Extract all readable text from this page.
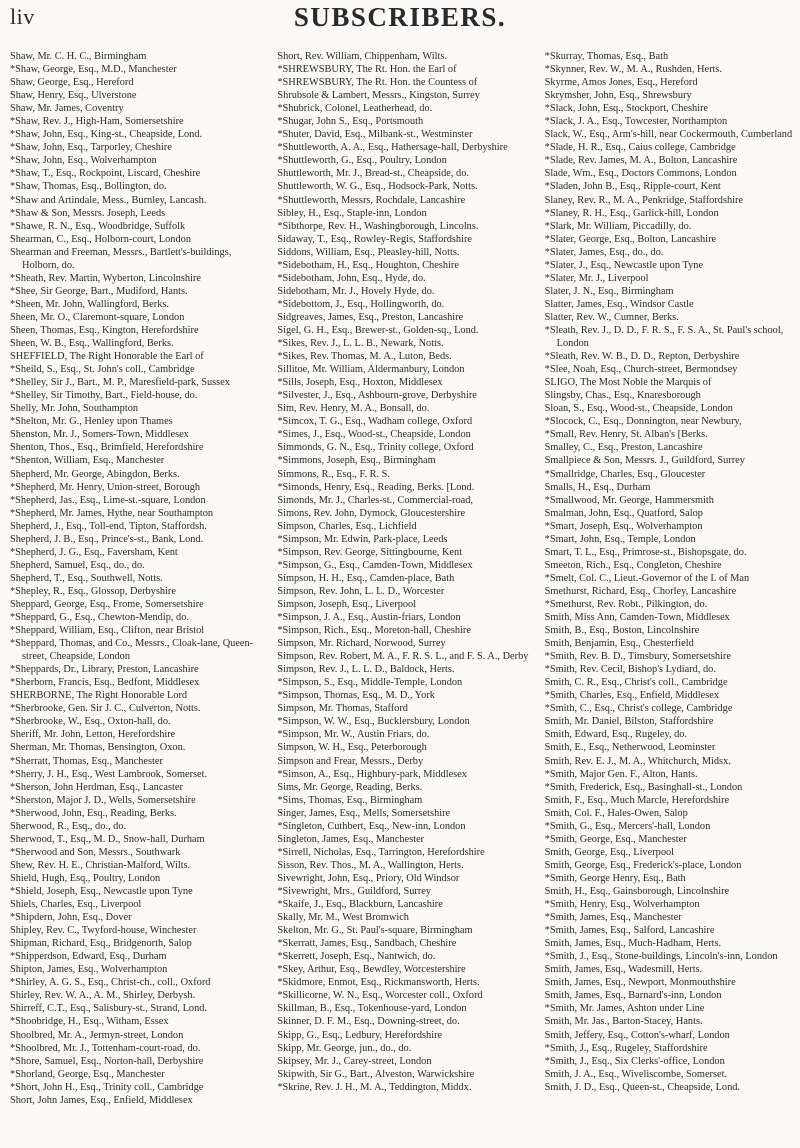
liv	SUBSCRIBERS.
Shaw, Mr. C. H. C., Birmingham
*Shaw, George, Esq., M.D., Manchester
Shaw, George, Esq., Hereford
Shaw, Henry, Esq., Ulverstone
Shaw, Mr. James, Coventry
*Shaw, Rev. J., High-Ham, Somersetshire
*Shaw, John, Esq., King-st., Cheapside, Lond.
*Shaw, John, Esq., Tarporley, Cheshire
*Shaw, John, Esq., Wolverhampton
*Shaw, T., Esq., Rockpoint, Liscard, Cheshire
*Shaw, Thomas, Esq., Bollington, do.
*Shaw and Artindale, Mess., Burnley, Lancash.
*Shaw & Son, Messrs. Joseph, Leeds
*Shawe, R. N., Esq., Woodbridge, Suffolk
Shearman, C., Esq., Holborn-court, London
Shearman and Freeman, Messrs., Bartlett's-buildings, Holborn, do.
*Sheath, Rev. Martin, Wyberton, Lincolnshire
*Shee, Sir George, Bart., Mudiford, Hants.
*Sheen, Mr. John, Wallingford, Berks.
Sheen, Mr. O., Claremont-square, London
Sheen, Thomas, Esq., Kington, Herefordshire
Sheen, W. B., Esq., Wallingford, Berks.
SHEFFIELD, The Right Honorable the Earl of
*Sheild, S., Esq., St. John's coll., Cambridge
*Shelley, Sir J., Bart., M. P., Maresfield-park, Sussex
*Shelley, Sir Timothy, Bart., Field-house, do.
Shelly, Mr. John, Southampton
*Shelton, Mr. G., Henley upon Thames
Shenston, Mr. J., Somers-Town, Middlesex
Shenton, Thos., Esq., Brimfield, Herefordshire
*Shenton, William, Esq., Manchester
Shepherd, Mr. George, Abingdon, Berks.
*Shepherd, Mr. Henry, Union-street, Borough
*Shepherd, Jas., Esq., Lime-st.-square, London
*Shepherd, Mr. James, Hythe, near Southampton
Shepherd, J., Esq., Toll-end, Tipton, Staffordsh.
Shepherd, J. B., Esq., Prince's-st., Bank, Lond.
*Shepherd, J. G., Esq., Faversham, Kent
Shepherd, Samuel, Esq., do., do.
Shepherd, T., Esq., Southwell, Notts.
*Shepley, R., Esq., Glossop, Derbyshire
Sheppard, George, Esq., Frome, Somersetshire
*Sheppard, G., Esq., Chewton-Mendip, do.
*Sheppard, William, Esq., Clifton, near Bristol
*Sheppard, Thomas, and Co., Messrs., Cloak-lane, Queen-street, Cheapside, London
*Sheppards, Dr., Library, Preston, Lancashire
*Sherborn, Francis, Esq., Bedfont, Middlesex
SHERBORNE, The Right Honorable Lord
*Sherbrooke, Gen. Sir J. C., Culverton, Notts.
*Sherbrooke, W., Esq., Oxton-hall, do.
Sheriff, Mr. John, Letton, Herefordshire
Sherman, Mr. Thomas, Bensington, Oxon.
*Sherratt, Thomas, Esq., Manchester
*Sherry, J. H., Esq., West Lambrook, Somerset.
*Sherson, John Herdman, Esq., Lancaster
*Sherston, Major J. D., Wells, Somersetshire
*Sherwood, John, Esq., Reading, Berks.
Sherwood, R., Esq., do., do.
Sherwood, T., Esq., M. D., Snow-hall, Durham
*Sherwood and Son, Messrs., Southwark
Shew, Rev. H. E., Christian-Malford, Wilts.
Shield, Hugh, Esq., Poultry, London
*Shield, Joseph, Esq., Newcastle upon Tyne
Shiels, Charles, Esq., Liverpool
*Shipdern, John, Esq., Dover
Shipley, Rev. C., Twyford-house, Winchester
Shipman, Richard, Esq., Bridgenorth, Salop
*Shipperdson, Edward, Esq., Durham
Shipton, James, Esq., Wolverhampton
*Shirley, A. G. S., Esq., Christ-ch., coll., Oxford
Shirley, Rev. W. A., A. M., Shirley, Derbysh.
Shirreff, C.T., Esq., Salisbury-st., Strand, Lond.
*Shoobridge, H., Esq., Witham, Essex
Shoolbred, Mr. A., Jermyn-street, London
*Shoolbred, Mr. J., Tottenham-court-road, do.
*Shore, Samuel, Esq., Norton-hall, Derbyshire
*Shorland, George, Esq., Manchester
*Short, John H., Esq., Trinity coll., Cambridge
Short, John James, Esq., Enfield, Middlesex
Short, Rev. William, Chippenham, Wilts.
*SHREWSBURY, The Rt. Hon. the Earl of
*SHREWSBURY, The Rt. Hon. the Countess of
Shrubsole & Lambert, Messrs., Kingston, Surrey
*Shubrick, Colonel, Leatherhead, do.
*Shugar, John S., Esq., Portsmouth
*Shuter, David, Esq., Milbank-st., Westminster
*Shuttleworth, A. A., Esq., Hathersage-hall, Derbyshire
*Shuttleworth, G., Esq., Poultry, London
Shuttleworth, Mr. J., Bread-st., Cheapside, do.
Shuttleworth, W. G., Esq., Hodsock-Park, Notts.
*Shuttleworth, Messrs, Rochdale, Lancashire
Sibley, H., Esq., Staple-inn, London
*Sibthorpe, Rev. H., Washingborough, Lincolns.
Sidaway, T., Esq., Rowley-Regis, Staffordshire
Siddons, William, Esq., Pleasley-hill, Notts.
*Sidebotham, H., Esq., Houghton, Cheshire
*Sidebotham, John, Esq., Hyde, do.
Sidebotham, Mr. J., Hovely Hyde, do.
*Sidebottom, J., Esq., Hollingworth, do.
Sidgreaves, James, Esq., Preston, Lancashire
Sigel, G. H., Esq., Brewer-st., Golden-sq., Lond.
*Sikes, Rev. J., L. L. B., Newark, Notts.
*Sikes, Rev. Thomas, M. A., Luton, Beds.
Sillitoe, Mr. William, Aldermanbury, London
*Sills, Joseph, Esq., Hoxton, Middlesex
*Silvester, J., Esq., Ashbourn-grove, Derbyshire
Sim, Rev. Henry, M. A., Bonsall, do.
*Simcox, T. G., Esq., Wadham college, Oxford
*Simes, J., Esq., Wood-st., Cheapside, London
Simmonds, G. N., Esq., Trinity college, Oxford
*Simmons, Joseph, Esq., Birmingham
Simmons, R., Esq., F. R. S.
*Simonds, Henry, Esq., Reading, Berks. [Lond.
Simonds, Mr. J., Charles-st., Commercial-road,
Simons, Rev. John, Dymock, Gloucestershire
Simpson, Charles, Esq., Lichfield
*Simpson, Mr. Edwin, Park-place, Leeds
*Simpson, Rev. George, Sittingbourne, Kent
*Simpson, G., Esq., Camden-Town, Middlesex
Simpson, H. H., Esq., Camden-place, Bath
Simpson, Rev. John, L. L. D., Worcester
Simpson, Joseph, Esq., Liverpool
*Simpson, J. A., Esq., Austin-friars, London
*Simpson, Rich., Esq., Moreton-hall, Cheshire
Simpson, Mr. Richard, Norwood, Surrey
Simpson, Rev. Robert, M. A., F. R. S. L., and F. S. A., Derby
Simpson, Rev. J., L. L. D., Baldock, Herts.
*Simpson, S., Esq., Middle-Temple, London
*Simpson, Thomas, Esq., M. D., York
Simpson, Mr. Thomas, Stafford
*Simpson, W. W., Esq., Bucklersbury, London
*Simpson, Mr. W., Austin Friars, do.
Simpson, W. H., Esq., Peterborough
Simpson and Frear, Messrs., Derby
*Simson, A., Esq., Highbury-park, Middlesex
Sims, Mr. George, Reading, Berks.
*Sims, Thomas, Esq., Birmingham
Singer, James, Esq., Mells, Somersetshire
*Singleton, Cuthbert, Esq., New-inn, London
Singleton, James, Esq., Manchester
*Sirrell, Nicholas, Esq., Tarrington, Herefordshire
Sisson, Rev. Thos., M. A., Wallington, Herts.
Sivewright, John, Esq., Priory, Old Windsor
*Sivewright, Mrs., Guildford, Surrey
*Skaife, J., Esq., Blackburn, Lancashire
Skally, Mr. M., West Bromwich
Skelton, Mr. G., St. Paul's-square, Birmingham
*Skerratt, James, Esq., Sandbach, Cheshire
*Skerrett, Joseph, Esq., Nantwich, do.
*Skey, Arthur, Esq., Bewdley, Worcestershire
*Skidmore, Enmot, Esq., Rickmansworth, Herts.
*Skillicorne, W. N., Esq., Worcester coll., Oxford
Skillman, B., Esq., Tokenhouse-yard, London
Skinner, D. F. M., Esq., Downing-street, do.
Skipp, G., Esq., Ledbury, Herefordshire
Skipp, Mr. George, jun., do., do.
Skipsey, Mr. J., Carey-street, London
Skipwith, Sir G., Bart., Alveston, Warwickshire
*Skrine, Rev. J. H., M. A., Teddington, Middx.
*Skurray, Thomas, Esq., Bath
*Skynner, Rev. W., M. A., Rushden, Herts.
Skyrme, Amos Jones, Esq., Hereford
Skrymsher, John, Esq., Shrewsbury
*Slack, John, Esq., Stockport, Cheshire
*Slack, J. A., Esq., Towcester, Northampton
Slack, W., Esq., Arm's-hill, near Cockermouth, Cumberland
*Slade, H. R., Esq., Caius college, Cambridge
*Slade, Rev. James, M. A., Bolton, Lancashire
Slade, Wm., Esq., Doctors Commons, London
*Sladen, John B., Esq., Ripple-court, Kent
Slaney, Rev. R., M. A., Penkridge, Staffordshire
*Slaney, R. H., Esq., Garlick-hill, London
*Slark, Mr. William, Piccadilly, do.
*Slater, George, Esq., Bolton, Lancashire
*Slater, James, Esq., do., do.
*Slater, J., Esq., Newcastle upon Tyne
*Slater, Mr. J., Liverpool
Slater, J. N., Esq., Birmingham
Slatter, James, Esq., Windsor Castle
Slatter, Rev. W., Cumner, Berks.
*Sleath, Rev. J., D. D., F. R. S., F. S. A., St. Paul's school, London
*Sleath, Rev. W. B., D. D., Repton, Derbyshire
*Slee, Noah, Esq., Church-street, Bermondsey
SLIGO, The Most Noble the Marquis of
Slingsby, Chas., Esq., Knaresborough
Sloan, S., Esq., Wood-st., Cheapside, London
*Slocock, C., Esq., Donnington, near Newbury,
*Small, Rev. Henry, St. Alban's [Berks.
Smalley, C., Esq., Preston, Lancashire
Smallpiece & Son, Messrs. J., Guildford, Surrey
*Smallridge, Charles, Esq., Gloucester
Smalls, H., Esq., Durham
*Smallwood, Mr. George, Hammersmith
Smalman, John, Esq., Quatford, Salop
*Smart, Joseph, Esq., Wolverhampton
*Smart, John, Esq., Temple, London
Smart, T. L., Esq., Primrose-st., Bishopsgate, do.
Smeeton, Rich., Esq., Congleton, Cheshire
*Smelt, Col. C., Lieut.-Governor of the I. of Man
Smethurst, Richard, Esq., Chorley, Lancashire
*Smethurst, Rev. Robt., Pilkington, do.
Smith, Miss Ann, Camden-Town, Middlesex
Smith, B., Esq., Boston, Lincolnshire
Smith, Benjamin, Esq., Chesterfield
*Smith, Rev. B. D., Timsbury, Somersetshire
*Smith, Rev. Cecil, Bishop's Lydiard, do.
Smith, C. R., Esq., Christ's coll., Cambridge
*Smith, Charles, Esq., Enfield, Middlesex
*Smith, C., Esq., Christ's college, Cambridge
Smith, Mr. Daniel, Bilston, Staffordshire
Smith, Edward, Esq., Rugeley, do.
Smith, E., Esq., Netherwood, Leominster
Smith, Rev. E. J., M. A., Whitchurch, Midsx.
*Smith, Major Gen. F., Alton, Hants.
*Smith, Frederick, Esq., Basinghall-st., London
Smith, F., Esq., Much Marcle, Herefordshire
Smith, Col. F., Hales-Owen, Salop
*Smith, G., Esq., Mercers'-hall, London
*Smith, George, Esq., Manchester
Smith, George, Esq., Liverpool
Smith, George, Esq., Frederick's-place, London
*Smith, George Henry, Esq., Bath
Smith, H., Esq., Gainsborough, Lincolnshire
*Smith, Henry, Esq., Wolverhampton
*Smith, James, Esq., Manchester
*Smith, James, Esq., Salford, Lancashire
Smith, James, Esq., Much-Hadham, Herts.
*Smith, J., Esq., Stone-buildings, Lincoln's-inn, London
Smith, James, Esq., Wadesmill, Herts.
Smith, James, Esq., Newport, Monmouthshire
Smith, James, Esq., Barnard's-inn, London
*Smith, Mr. James, Ashton under Line
Smith, Mr. Jas., Barton-Stacey, Hants.
Smith, Jeffery, Esq., Cotton's-wharf, London
*Smith, J., Esq., Rugeley, Staffordshire
*Smith, J., Esq., Six Clerks'-office, London
Smith, J. A., Esq., Wiveliscombe, Somerset.
Smith, J. D., Esq., Queen-st., Cheapside, Lond.
